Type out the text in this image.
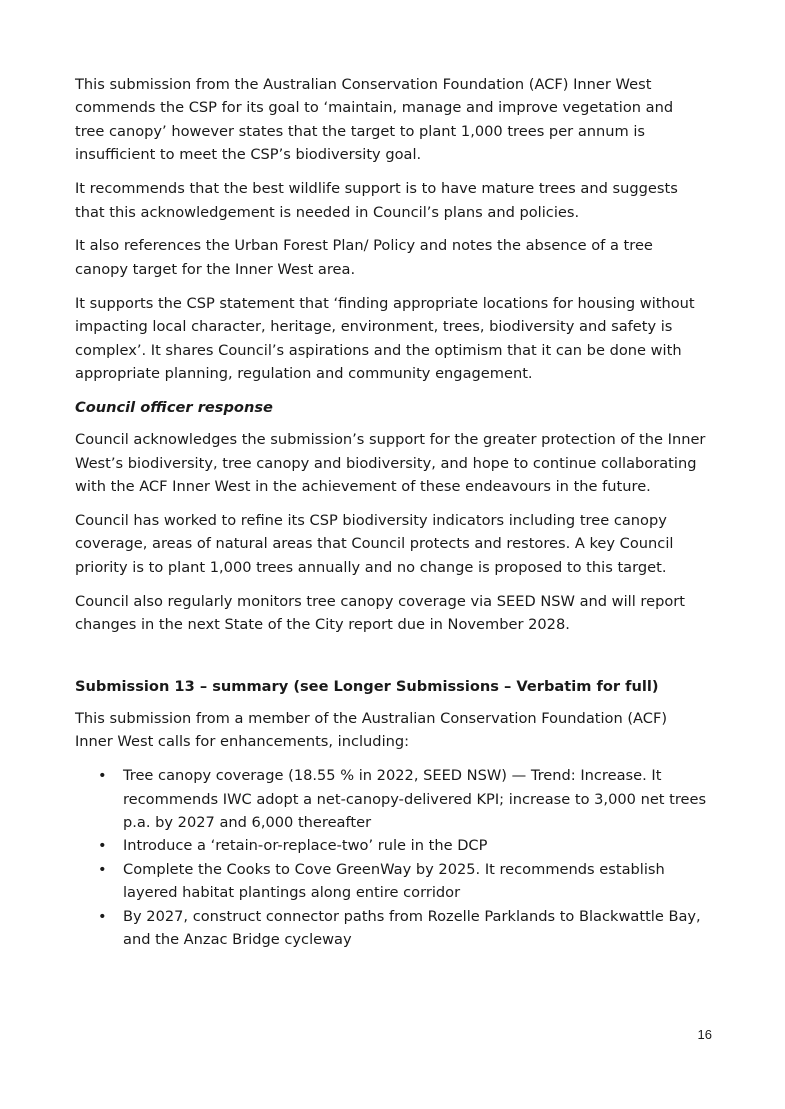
This submission from the Australian Conservation Foundation (ACF) Inner West commends the CSP for its goal to ‘maintain, manage and improve vegetation and tree canopy’ however states that the target to plant 1,000 trees per annum is insufficient to meet the CSP’s biodiversity goal.

It recommends that the best wildlife support is to have mature trees and suggests that this acknowledgement is needed in Council’s plans and policies.

It also references the Urban Forest Plan/ Policy and notes the absence of a tree canopy target for the Inner West area.

It supports the CSP statement that ‘finding appropriate locations for housing without impacting local character, heritage, environment, trees, biodiversity and safety is complex’. It shares Council’s aspirations and the optimism that it can be done with appropriate planning, regulation and community engagement.

Council officer response

Council acknowledges the submission’s support for the greater protection of the Inner West’s biodiversity, tree canopy and biodiversity, and hope to continue collaborating with the ACF Inner West in the achievement of these endeavours in the future.

Council has worked to refine its CSP biodiversity indicators including tree canopy coverage, areas of natural areas that Council protects and restores. A key Council priority is to plant 1,000 trees annually and no change is proposed to this target.

Council also regularly monitors tree canopy coverage via SEED NSW and will report changes in the next State of the City report due in November 2028.

Submission 13 – summary (see Longer Submissions – Verbatim for full)

This submission from a member of the Australian Conservation Foundation (ACF) Inner West calls for enhancements, including:

• Tree canopy coverage (18.55 % in 2022, SEED NSW) — Trend: Increase. It recommends IWC adopt a net-canopy-delivered KPI; increase to 3,000 net trees p.a. by 2027 and 6,000 thereafter
• Introduce a ‘retain-or-replace-two’ rule in the DCP
• Complete the Cooks to Cove GreenWay by 2025. It recommends establish layered habitat plantings along entire corridor
• By 2027, construct connector paths from Rozelle Parklands to Blackwattle Bay, and the Anzac Bridge cycleway
16
